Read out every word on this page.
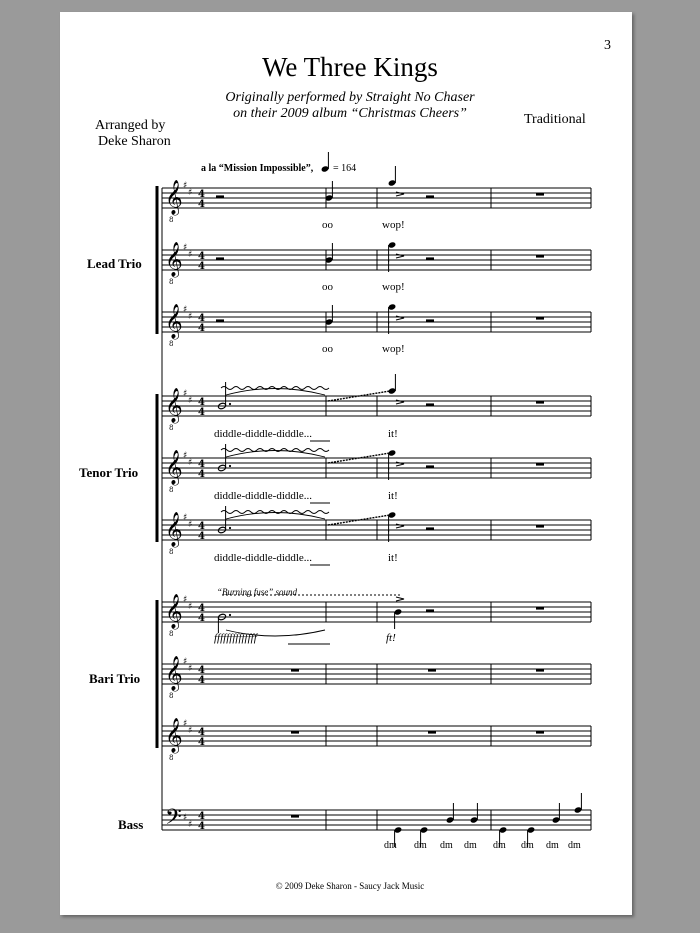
𝄞
8
♯
♯ 4
4
𝄞
8
♯
♯ 4
4
𝄞
8
♯
♯ 4
4
𝄞
8
♯
♯ 4
4
𝄞
8
♯
♯ 4
4
𝄞
8
♯
♯ 4
4
𝄞
8
♯
♯ 4
4
𝄞
8
♯
♯ 4
4
𝄞
8
♯
♯ 4
4
𝄢 ♯
♯
4
4
3
We Three Kings
Originally performed by Straight No Chaser
on their 2009 album “Christmas Cheers”
Arranged by
Deke Sharon
Traditional
a la “Mission Impossible”, = 164
Lead Trio
Tenor Trio
Bari Trio
Bass
oo	wop!
oo	wop!
oo	wop!
diddle-diddle-diddle...	it!
diddle-diddle-diddle...	it!
diddle-diddle-diddle...	it!
“Burning fuse” sound
ffffffffffffff	ft!
dm dm dm dm dm dm dm dm
© 2009 Deke Sharon - Saucy Jack Music
